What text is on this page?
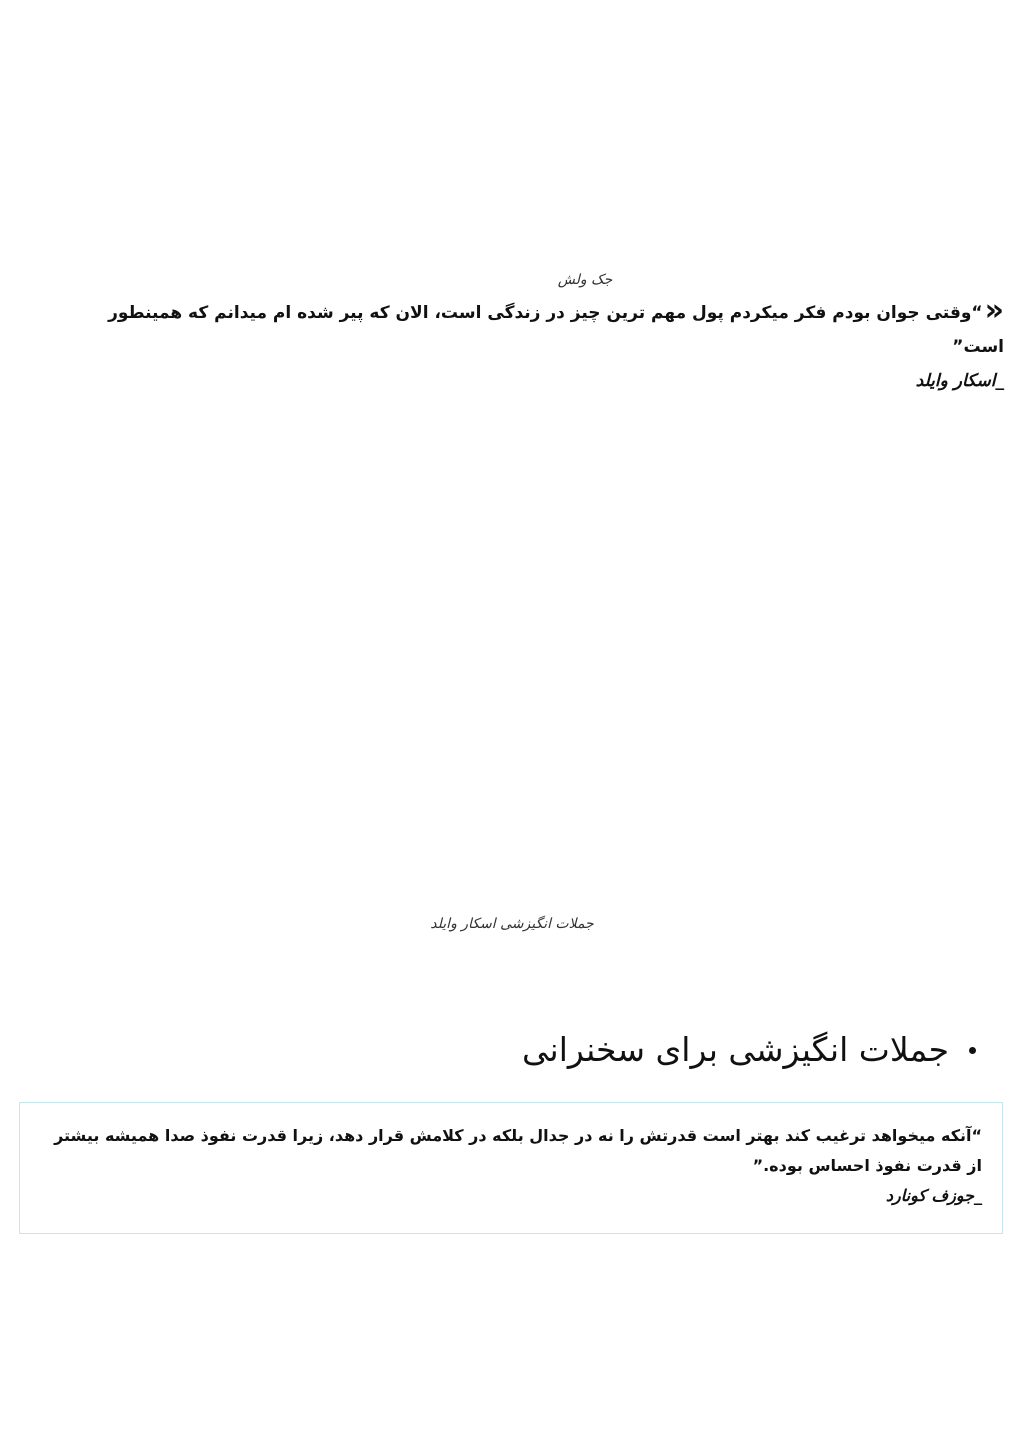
جک ولش
«“وقتی جوان بودم فکر میکردم پول مهم ترین چیز در زندگی است، الان که پیر شده ام میدانم که همینطور است”
_اسکار وایلد
جملات انگیزشی اسکار وایلد
جملات انگیزشی برای سخنرانی
“آنکه میخواهد ترغیب کند بهتر است قدرتش را نه در جدال بلکه در کلامش قرار دهد، زیرا قدرت نفوذ صدا همیشه بیشتر از قدرت نفوذ احساس بوده.”
_جوزف کونارد
